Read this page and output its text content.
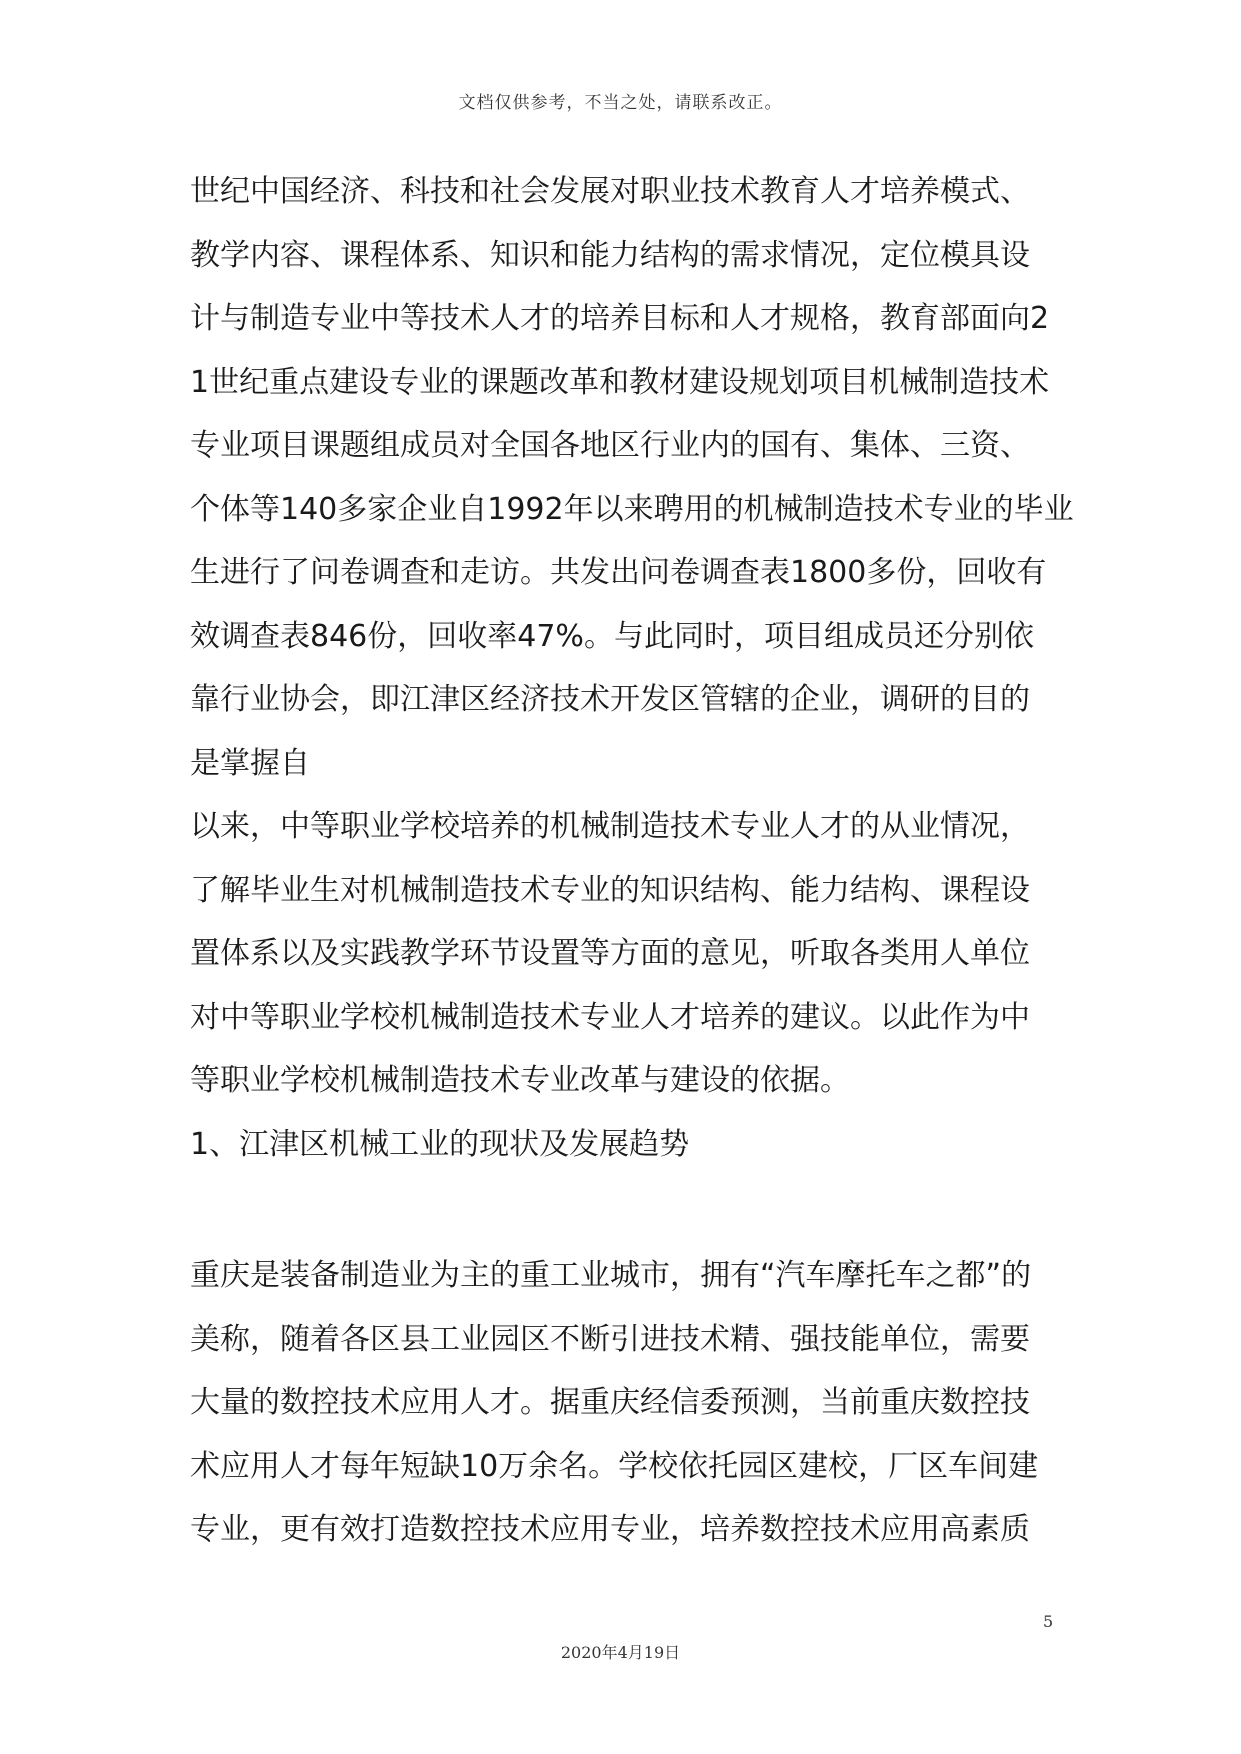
文档仅供参考，不当之处，请联系改正。
世纪中国经济、科技和社会发展对职业技术教育人才培养模式、
教学内容、课程体系、知识和能力结构的需求情况，定位模具设
计与制造专业中等技术人才的培养目标和人才规格，教育部面向2
1世纪重点建设专业的课题改革和教材建设规划项目机械制造技术
专业项目课题组成员对全国各地区行业内的国有、集体、三资、
个体等140多家企业自1992年以来聘用的机械制造技术专业的毕业
生进行了问卷调查和走访。共发出问卷调查表1800多份，回收有
效调查表846份，回收率47%。与此同时，项目组成员还分别依
靠行业协会，即江津区经济技术开发区管辖的企业，调研的目的
是掌握自
以来，中等职业学校培养的机械制造技术专业人才的从业情况，
了解毕业生对机械制造技术专业的知识结构、能力结构、课程设
置体系以及实践教学环节设置等方面的意见，听取各类用人单位
对中等职业学校机械制造技术专业人才培养的建议。以此作为中
等职业学校机械制造技术专业改革与建设的依据。
1、江津区机械工业的现状及发展趋势
重庆是装备制造业为主的重工业城市，拥有“汽车摩托车之都”的
美称，随着各区县工业园区不断引进技术精、强技能单位，需要
大量的数控技术应用人才。据重庆经信委预测，当前重庆数控技
术应用人才每年短缺10万余名。学校依托园区建校，厂区车间建
专业，更有效打造数控技术应用专业，培养数控技术应用高素质
5
2020年4月19日
